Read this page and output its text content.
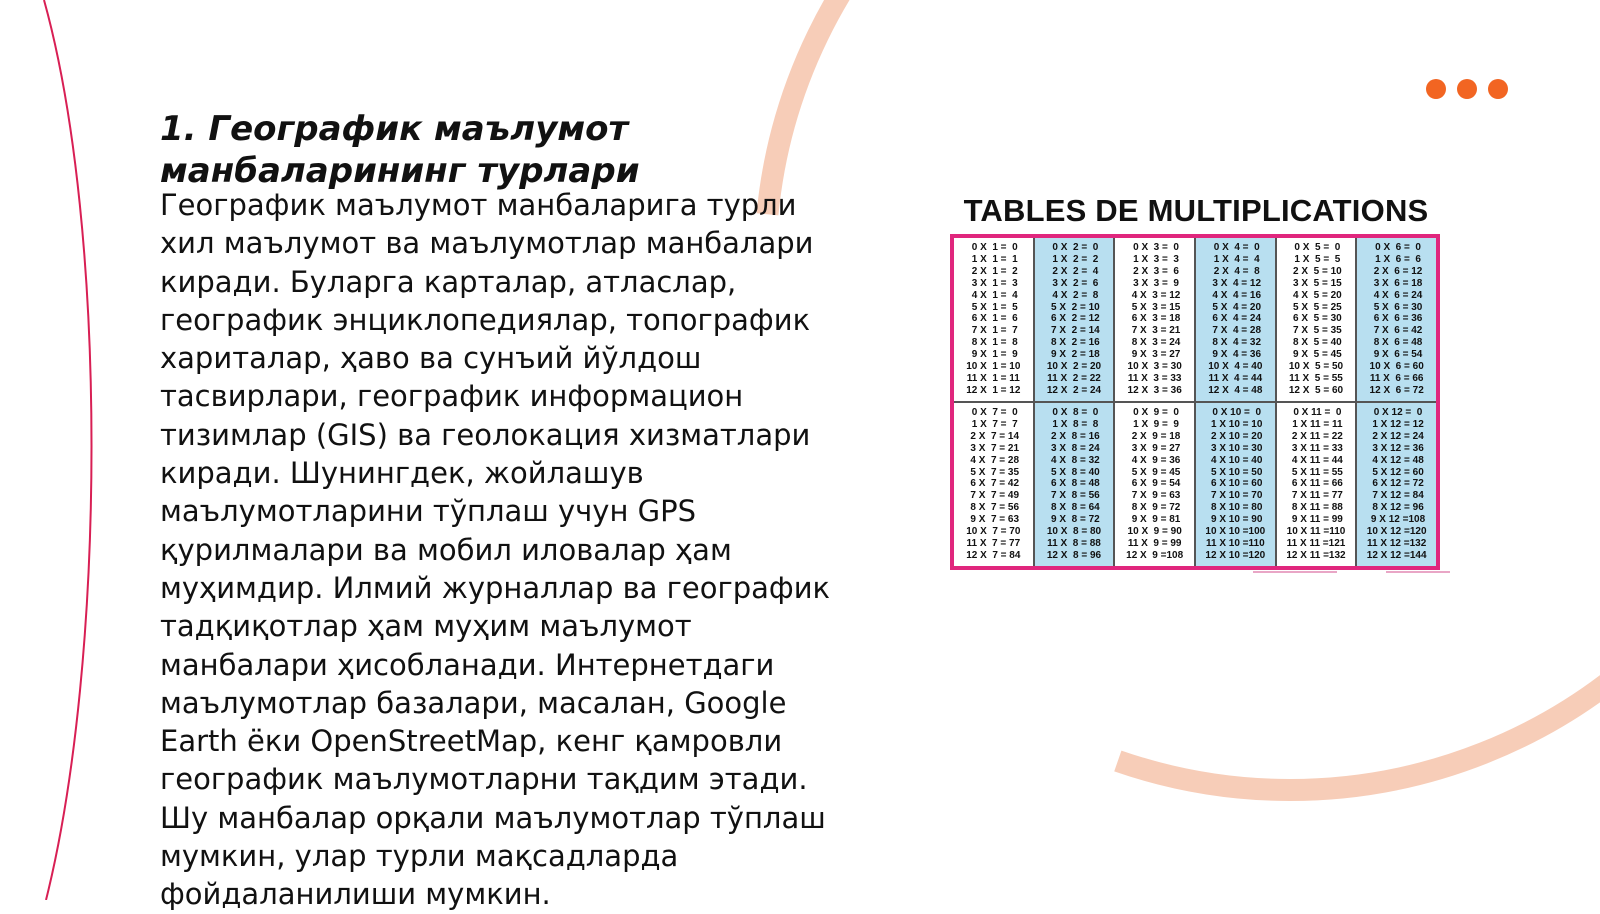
1. Географик маълумот манбаларининг турлари

Географик маълумот манбаларига турли хил маълумот ва маълумотлар манбалари киради. Буларга карталар, атласлар, географик энциклопедиялар, топографик хариталар, ҳаво ва сунъий йўлдош тасвирлари, географик информацион тизимлар (GIS) ва геолокация хизматлари киради. Шунингдек, жойлашув маълумотларини тўплаш учун GPS қурилмалари ва мобил иловалар ҳам муҳимдир. Илмий журналлар ва географик тадқиқотлар ҳам муҳим маълумот манбалари ҳисобланади. Интернетдаги маълумотлар базалари, масалан, Google Earth ёки OpenStreetMap, кенг қамровли географик маълумотларни тақдим этади. Шу манбалар орқали маълумотлар тўплаш мумкин, улар турли мақсадларда фойдаланилиши мумкин.

TABLES DE MULTIPLICATIONS
0 X  1 =  0
1 X  1 =  1
2 X  1 =  2
3 X  1 =  3
4 X  1 =  4
5 X  1 =  5
6 X  1 =  6
7 X  1 =  7
8 X  1 =  8
9 X  1 =  9
10 X  1 = 10
11 X  1 = 11
12 X  1 = 12
0 X  2 =  0
1 X  2 =  2
2 X  2 =  4
3 X  2 =  6
4 X  2 =  8
5 X  2 = 10
6 X  2 = 12
7 X  2 = 14
8 X  2 = 16
9 X  2 = 18
10 X  2 = 20
11 X  2 = 22
12 X  2 = 24
0 X  3 =  0
1 X  3 =  3
2 X  3 =  6
3 X  3 =  9
4 X  3 = 12
5 X  3 = 15
6 X  3 = 18
7 X  3 = 21
8 X  3 = 24
9 X  3 = 27
10 X  3 = 30
11 X  3 = 33
12 X  3 = 36
0 X  4 =  0
1 X  4 =  4
2 X  4 =  8
3 X  4 = 12
4 X  4 = 16
5 X  4 = 20
6 X  4 = 24
7 X  4 = 28
8 X  4 = 32
9 X  4 = 36
10 X  4 = 40
11 X  4 = 44
12 X  4 = 48
0 X  5 =  0
1 X  5 =  5
2 X  5 = 10
3 X  5 = 15
4 X  5 = 20
5 X  5 = 25
6 X  5 = 30
7 X  5 = 35
8 X  5 = 40
9 X  5 = 45
10 X  5 = 50
11 X  5 = 55
12 X  5 = 60
0 X  6 =  0
1 X  6 =  6
2 X  6 = 12
3 X  6 = 18
4 X  6 = 24
5 X  6 = 30
6 X  6 = 36
7 X  6 = 42
8 X  6 = 48
9 X  6 = 54
10 X  6 = 60
11 X  6 = 66
12 X  6 = 72
0 X  7 =  0
1 X  7 =  7
2 X  7 = 14
3 X  7 = 21
4 X  7 = 28
5 X  7 = 35
6 X  7 = 42
7 X  7 = 49
8 X  7 = 56
9 X  7 = 63
10 X  7 = 70
11 X  7 = 77
12 X  7 = 84
0 X  8 =  0
1 X  8 =  8
2 X  8 = 16
3 X  8 = 24
4 X  8 = 32
5 X  8 = 40
6 X  8 = 48
7 X  8 = 56
8 X  8 = 64
9 X  8 = 72
10 X  8 = 80
11 X  8 = 88
12 X  8 = 96
0 X  9 =  0
1 X  9 =  9
2 X  9 = 18
3 X  9 = 27
4 X  9 = 36
5 X  9 = 45
6 X  9 = 54
7 X  9 = 63
8 X  9 = 72
9 X  9 = 81
10 X  9 = 90
11 X  9 = 99
12 X  9 =108
0 X 10 =  0
1 X 10 = 10
2 X 10 = 20
3 X 10 = 30
4 X 10 = 40
5 X 10 = 50
6 X 10 = 60
7 X 10 = 70
8 X 10 = 80
9 X 10 = 90
10 X 10 =100
11 X 10 =110
12 X 10 =120
0 X 11 =  0
1 X 11 = 11
2 X 11 = 22
3 X 11 = 33
4 X 11 = 44
5 X 11 = 55
6 X 11 = 66
7 X 11 = 77
8 X 11 = 88
9 X 11 = 99
10 X 11 =110
11 X 11 =121
12 X 11 =132
0 X 12 =  0
1 X 12 = 12
2 X 12 = 24
3 X 12 = 36
4 X 12 = 48
5 X 12 = 60
6 X 12 = 72
7 X 12 = 84
8 X 12 = 96
9 X 12 =108
10 X 12 =120
11 X 12 =132
12 X 12 =144
